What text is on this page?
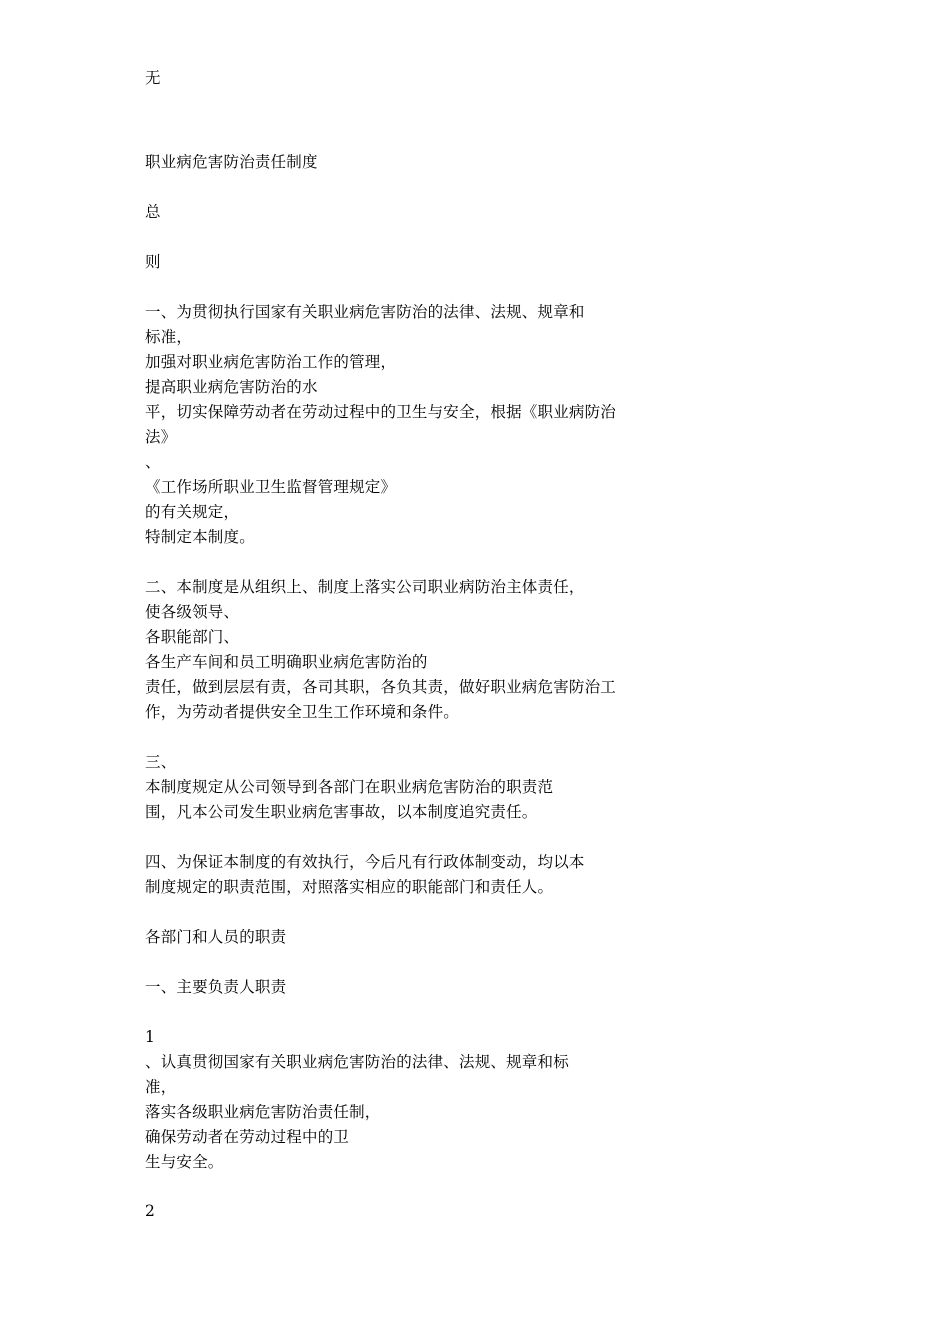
无
职业病危害防治责任制度
总
则
一、为贯彻执行国家有关职业病危害防治的法律、法规、规章和
标准，
加强对职业病危害防治工作的管理，
提高职业病危害防治的水
平，切实保障劳动者在劳动过程中的卫生与安全，根据《职业病防治
法》
、
《工作场所职业卫生监督管理规定》
的有关规定，
特制定本制度。
二、本制度是从组织上、制度上落实公司职业病防治主体责任，
使各级领导、
各职能部门、
各生产车间和员工明确职业病危害防治的
责任，做到层层有责，各司其职，各负其责，做好职业病危害防治工
作，为劳动者提供安全卫生工作环境和条件。
三、
本制度规定从公司领导到各部门在职业病危害防治的职责范
围，凡本公司发生职业病危害事故，以本制度追究责任。
四、为保证本制度的有效执行，今后凡有行政体制变动，均以本
制度规定的职责范围，对照落实相应的职能部门和责任人。
各部门和人员的职责
一、主要负责人职责
1
、认真贯彻国家有关职业病危害防治的法律、法规、规章和标
准，
落实各级职业病危害防治责任制，
确保劳动者在劳动过程中的卫
生与安全。
2
